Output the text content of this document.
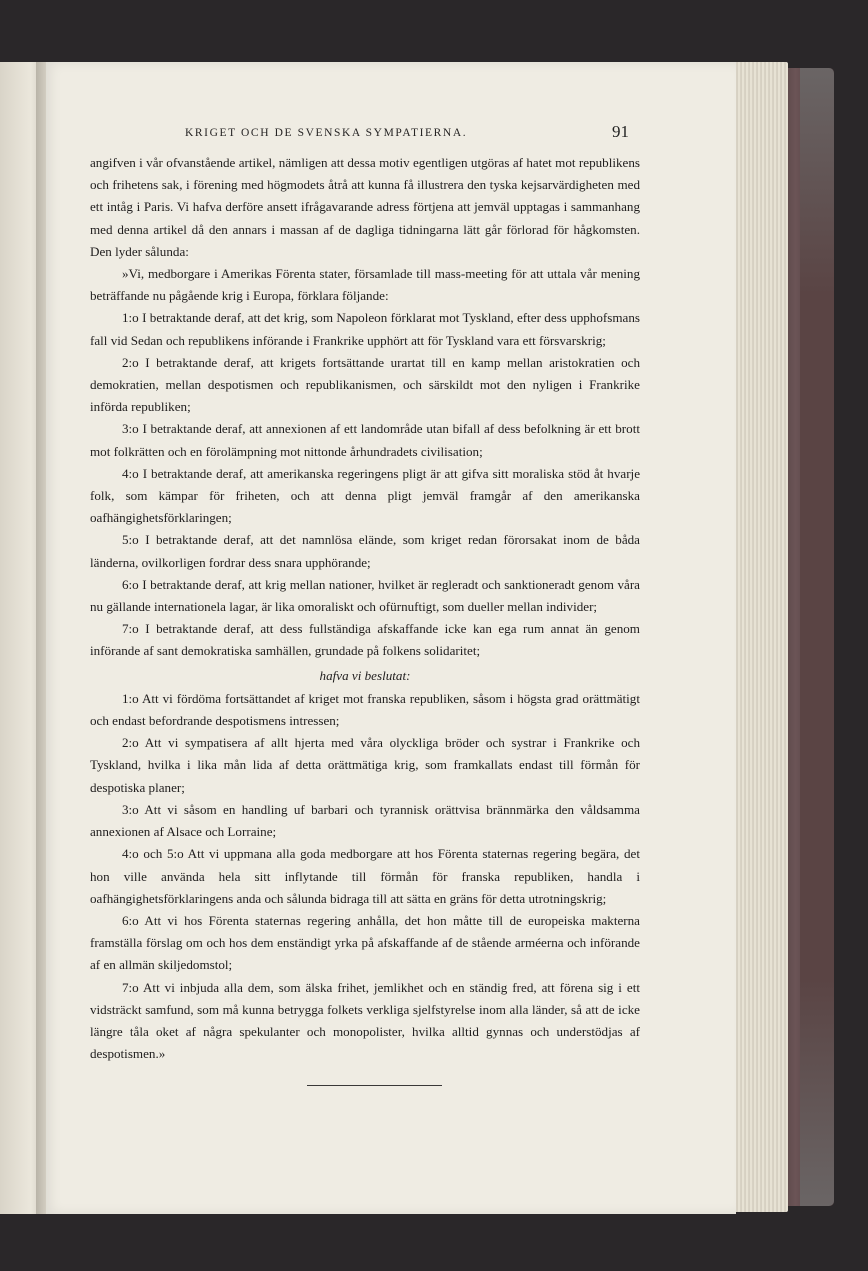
KRIGET OCH DE SVENSKA SYMPATIERNA.	91

angifven i vår ofvanstående artikel, nämligen att dessa motiv egentligen utgöras af hatet mot republikens och frihetens sak, i förening med högmodets åtrå att kunna få illustrera den tyska kejsarvärdigheten med ett intåg i Paris. Vi hafva derföre ansett ifrågavarande adress förtjena att jemväl upptagas i sammanhang med denna artikel då den annars i massan af de dagliga tidningarna lätt går förlorad för hågkomsten. Den lyder sålunda:

»Vi, medborgare i Amerikas Förenta stater, församlade till mass-meeting för att uttala vår mening beträffande nu pågående krig i Europa, förklara följande:

1:o I betraktande deraf, att det krig, som Napoleon förklarat mot Tyskland, efter dess upphofsmans fall vid Sedan och republikens införande i Frankrike upphört att för Tyskland vara ett försvarskrig;

2:o I betraktande deraf, att krigets fortsättande urartat till en kamp mellan aristokratien och demokratien, mellan despotismen och republikanismen, och särskildt mot den nyligen i Frankrike införda republiken;

3:o I betraktande deraf, att annexionen af ett landområde utan bifall af dess befolkning är ett brott mot folkrätten och en förolämpning mot nittonde århundradets civilisation;

4:o I betraktande deraf, att amerikanska regeringens pligt är att gifva sitt moraliska stöd åt hvarje folk, som kämpar för friheten, och att denna pligt jemväl framgår af den amerikanska oafhängighetsförklaringen;

5:o I betraktande deraf, att det namnlösa elände, som kriget redan förorsakat inom de båda länderna, ovilkorligen fordrar dess snara upphörande;

6:o I betraktande deraf, att krig mellan nationer, hvilket är regleradt och sanktioneradt genom våra nu gällande internationela lagar, är lika omoraliskt och ofürnuftigt, som dueller mellan individer;

7:o I betraktande deraf, att dess fullständiga afskaffande icke kan ega rum annat än genom införande af sant demokratiska samhällen, grundade på folkens solidaritet;

hafva vi beslutat:

1:o Att vi fördöma fortsättandet af kriget mot franska republiken, såsom i högsta grad orättmätigt och endast befordrande despotismens intressen;

2:o Att vi sympatisera af allt hjerta med våra olyckliga bröder och systrar i Frankrike och Tyskland, hvilka i lika mån lida af detta orättmätiga krig, som framkallats endast till förmån för despotiska planer;

3:o Att vi såsom en handling uf barbari och tyrannisk orättvisa brännmärka den våldsamma annexionen af Alsace och Lorraine;

4:o och 5:o Att vi uppmana alla goda medborgare att hos Förenta staternas regering begära, det hon ville använda hela sitt inflytande till förmån för franska republiken, handla i oafhängighetsförklaringens anda och sålunda bidraga till att sätta en gräns för detta utrotningskrig;

6:o Att vi hos Förenta staternas regering anhålla, det hon måtte till de europeiska makterna framställa förslag om och hos dem enständigt yrka på afskaffande af de stående arméerna och införande af en allmän skiljedomstol;

7:o Att vi inbjuda alla dem, som älska frihet, jemlikhet och en ständig fred, att förena sig i ett vidsträckt samfund, som må kunna betrygga folkets verkliga sjelfstyrelse inom alla länder, så att de icke längre tåla oket af några spekulanter och monopolister, hvilka alltid gynnas och understödjas af despotismen.»
